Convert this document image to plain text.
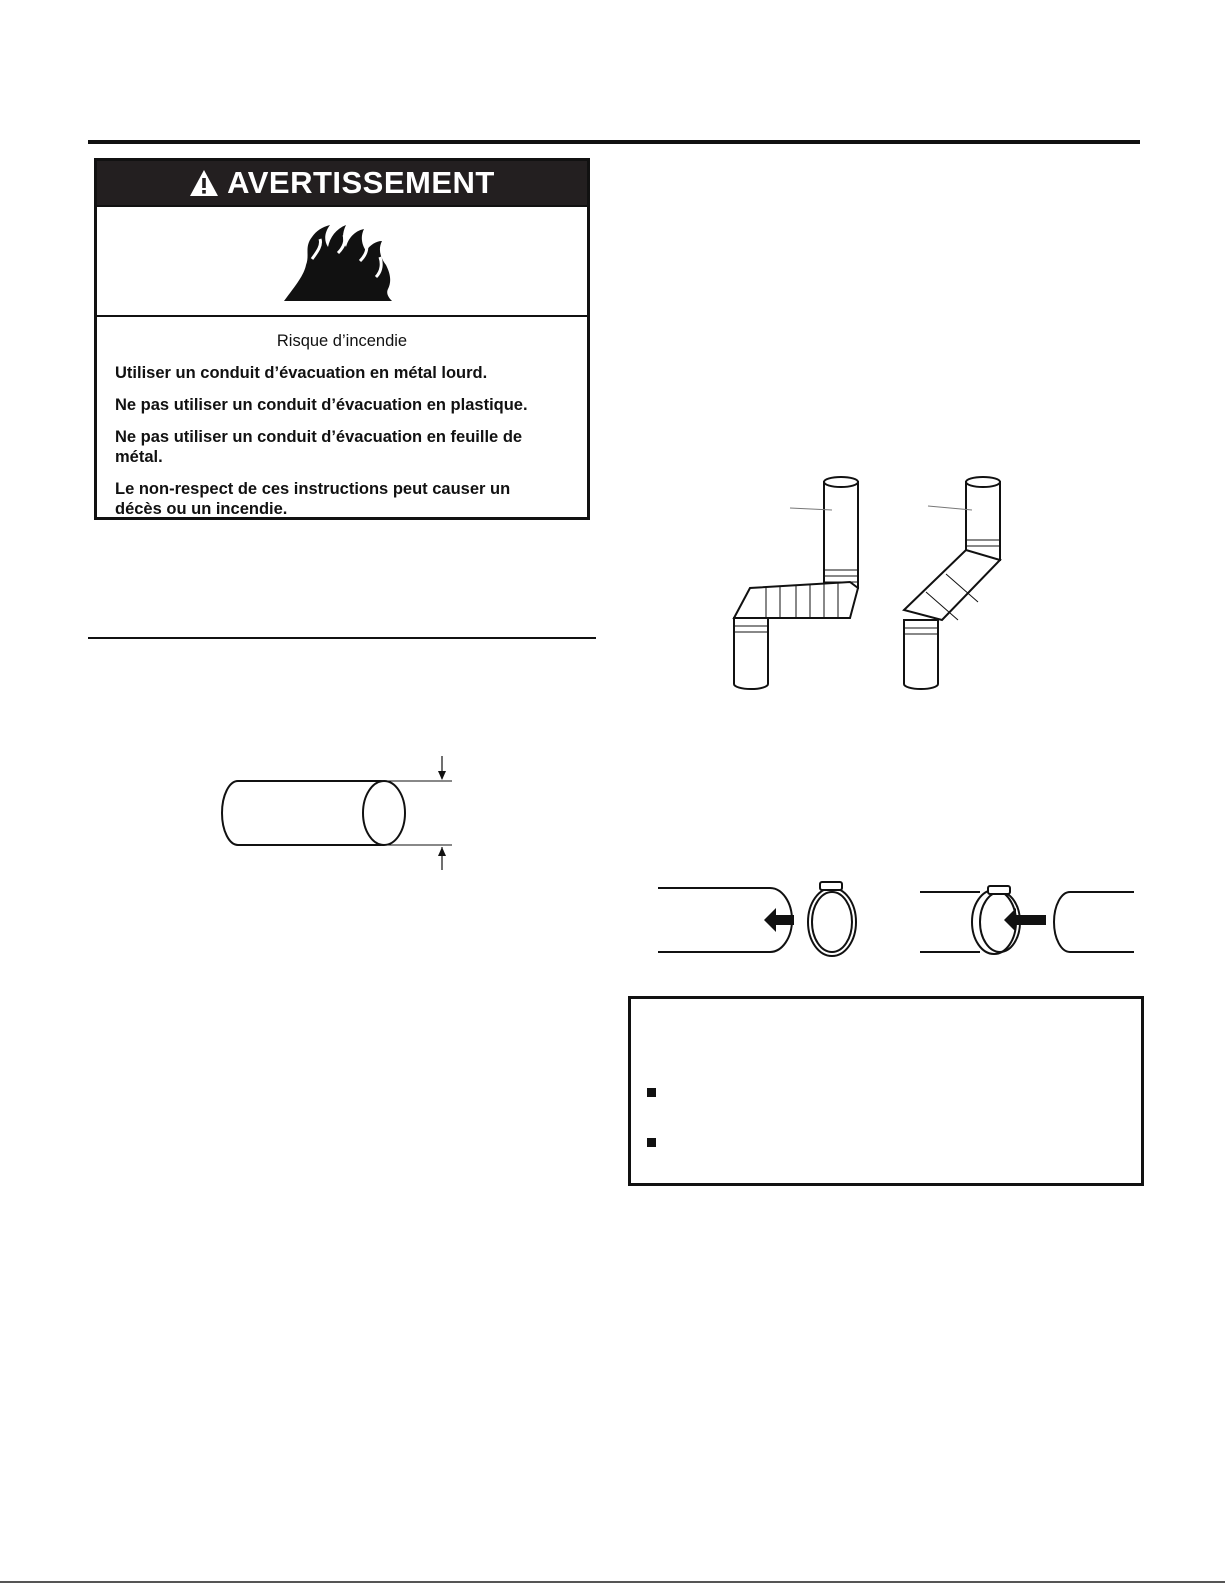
AVERTISSEMENT
Risque d’incendie

Utiliser un conduit d’évacuation en métal lourd.

Ne pas utiliser un conduit d’évacuation en plastique.

Ne pas utiliser un conduit d’évacuation en feuille de métal.

Le non-respect de ces instructions peut causer un décès ou un incendie.
